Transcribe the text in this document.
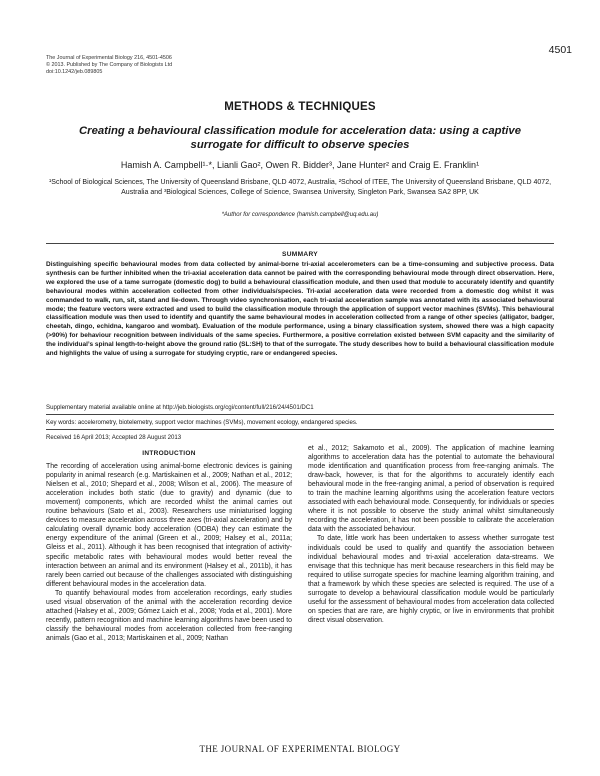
4501
The Journal of Experimental Biology 216, 4501-4506
© 2013. Published by The Company of Biologists Ltd
doi:10.1242/jeb.089805
METHODS & TECHNIQUES
Creating a behavioural classification module for acceleration data: using a captive surrogate for difficult to observe species
Hamish A. Campbell¹·*, Lianli Gao², Owen R. Bidder³, Jane Hunter² and Craig E. Franklin¹
¹School of Biological Sciences, The University of Queensland Brisbane, QLD 4072, Australia, ²School of ITEE, The University of Queensland Brisbane, QLD 4072, Australia and ³Biological Sciences, College of Science, Swansea University, Singleton Park, Swansea SA2 8PP, UK
*Author for correspondence (hamish.campbell@uq.edu.au)
SUMMARY
Distinguishing specific behavioural modes from data collected by animal-borne tri-axial accelerometers can be a time-consuming and subjective process. Data synthesis can be further inhibited when the tri-axial acceleration data cannot be paired with the corresponding behavioural mode through direct observation. Here, we explored the use of a tame surrogate (domestic dog) to build a behavioural classification module, and then used that module to accurately identify and quantify behavioural modes within acceleration collected from other individuals/species. Tri-axial acceleration data were recorded from a domestic dog whilst it was commanded to walk, run, sit, stand and lie-down. Through video synchronisation, each tri-axial acceleration sample was annotated with its associated behavioural mode; the feature vectors were extracted and used to build the classification module through the application of support vector machines (SVMs). This behavioural classification module was then used to identify and quantify the same behavioural modes in acceleration collected from a range of other species (alligator, badger, cheetah, dingo, echidna, kangaroo and wombat). Evaluation of the module performance, using a binary classification system, showed there was a high capacity (>90%) for behaviour recognition between individuals of the same species. Furthermore, a positive correlation existed between SVM capacity and the similarity of the individual’s spinal length-to-height above the ground ratio (SL:SH) to that of the surrogate. The study describes how to build a behavioural classification module and highlights the value of using a surrogate for studying cryptic, rare or endangered species.
Supplementary material available online at http://jeb.biologists.org/cgi/content/full/216/24/4501/DC1
Key words: accelerometry, biotelemetry, support vector machines (SVMs), movement ecology, endangered species.
Received 16 April 2013; Accepted 28 August 2013
INTRODUCTION

The recording of acceleration using animal-borne electronic devices is gaining popularity in animal research (e.g. Martiskainen et al., 2009; Nathan et al., 2012; Nielsen et al., 2010; Shepard et al., 2008; Wilson et al., 2006). The measure of acceleration includes both static (due to gravity) and dynamic (due to movement) components, which are recorded whilst the animal carries out routine behaviours (Sato et al., 2003). Researchers use miniaturised logging devices to measure acceleration across three axes (tri-axial acceleration) and by calculating overall dynamic body acceleration (ODBA) they can estimate the energy expenditure of the animal (Green et al., 2009; Halsey et al., 2011a; Gleiss et al., 2011). Although it has been recognised that integration of activity-specific metabolic rates with behavioural modes would better reveal the interaction between an animal and its environment (Halsey et al., 2011b), it has rarely been carried out because of the challenges associated with distinguishing different behavioural modes in the acceleration data.

To quantify behavioural modes from acceleration recordings, early studies used visual observation of the animal with the acceleration recording device attached (Halsey et al., 2009; Gómez Laich et al., 2008; Yoda et al., 2001). More recently, pattern recognition and machine learning algorithms have been used to classify the behavioural modes from acceleration collected from free-ranging animals (Gao et al., 2013; Martiskainen et al., 2009; Nathan

et al., 2012; Sakamoto et al., 2009). The application of machine learning algorithms to acceleration data has the potential to automate the behavioural mode identification and quantification process from free-ranging animals. The draw-back, however, is that for the algorithms to accurately identify each behavioural mode in the free-ranging animal, a period of observation is required to train the machine learning algorithms using the acceleration feature vectors associated with each behavioural mode. Consequently, for individuals or species where it is not possible to observe the study animal whilst simultaneously recording the acceleration, it has not been possible to calibrate the acceleration data with the associated behaviour.

To date, little work has been undertaken to assess whether surrogate test individuals could be used to qualify and quantify the association between individual behavioural modes and tri-axial acceleration data-streams. We envisage that this technique has merit because researchers in this field may be required to utilise surrogate species for machine learning algorithm training, and that a framework by which these species are selected is required. The use of a surrogate to develop a behavioural classification module would be particularly useful for the assessment of behavioural modes from acceleration data collected on species that are rare, are highly cryptic, or live in environments that prohibit direct visual observation.

THE JOURNAL OF EXPERIMENTAL BIOLOGY
